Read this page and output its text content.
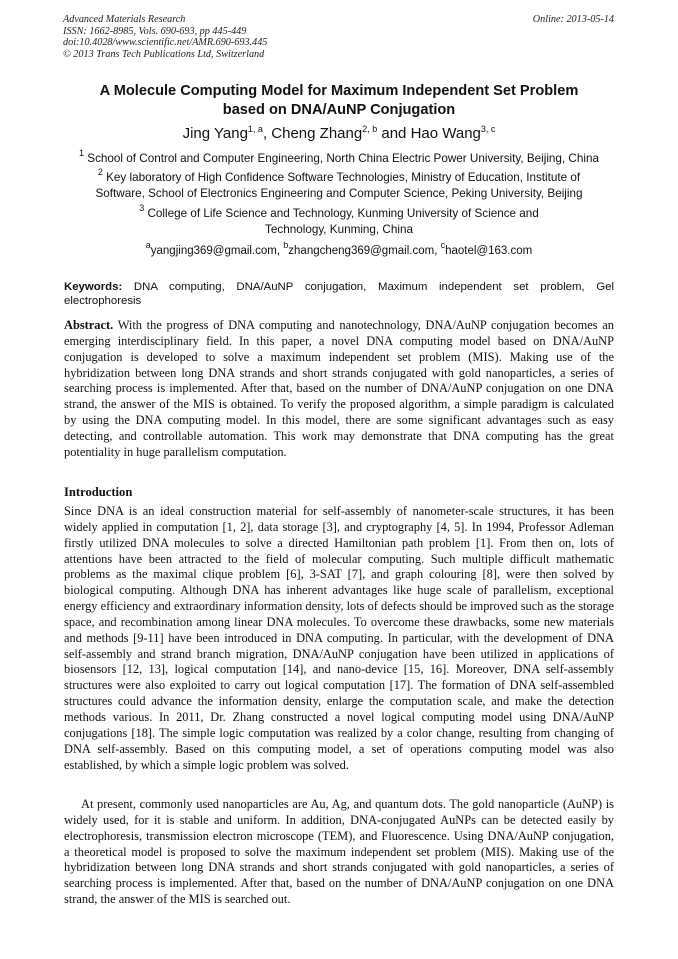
Advanced Materials Research
ISSN: 1662-8985, Vols. 690-693, pp 445-449
doi:10.4028/www.scientific.net/AMR.690-693.445
© 2013 Trans Tech Publications Ltd, Switzerland
Online: 2013-05-14
A Molecule Computing Model for Maximum Independent Set Problem
based on DNA/AuNP Conjugation
Jing Yang$^{1, a}$, Cheng Zhang$^{2, b}$ and Hao Wang$^{3, c}$
$^1$ School of Control and Computer Engineering, North China Electric Power University, Beijing, China
$^2$ Key laboratory of High Confidence Software Technologies, Ministry of Education, Institute of
Software, School of Electronics Engineering and Computer Science, Peking University, Beijing
$^3$ College of Life Science and Technology, Kunming University of Science and
Technology, Kunming, China
$^a$yangjing369@gmail.com, $^b$zhangcheng369@gmail.com, $^c$haotel@163.com
Keywords: DNA computing, DNA/AuNP conjugation, Maximum independent set problem, Gel electrophoresis

Abstract. With the progress of DNA computing and nanotechnology, DNA/AuNP conjugation becomes an emerging interdisciplinary field. In this paper, a novel DNA computing model based on DNA/AuNP conjugation is developed to solve a maximum independent set problem (MIS). Making use of the hybridization between long DNA strands and short strands conjugated with gold nanoparticles, a series of searching process is implemented. After that, based on the number of DNA/AuNP conjugation on one DNA strand, the answer of the MIS is obtained. To verify the proposed algorithm, a simple paradigm is calculated by using the DNA computing model. In this model, there are some significant advantages such as easy detecting, and controllable automation. This work may demonstrate that DNA computing has the great potentiality in huge parallelism computation.

Introduction

Since DNA is an ideal construction material for self-assembly of nanometer-scale structures, it has been widely applied in computation [1, 2], data storage [3], and cryptography [4, 5]. In 1994, Professor Adleman firstly utilized DNA molecules to solve a directed Hamiltonian path problem [1]. From then on, lots of attentions have been attracted to the field of molecular computing. Such multiple difficult mathematic problems as the maximal clique problem [6], 3-SAT [7], and graph colouring [8], were then solved by biological computing. Although DNA has inherent advantages like huge scale of parallelism, exceptional energy efficiency and extraordinary information density, lots of defects should be improved such as the storage space, and recombination among linear DNA molecules. To overcome these drawbacks, some new materials and methods [9-11] have been introduced in DNA computing. In particular, with the development of DNA self-assembly and strand branch migration, DNA/AuNP conjugation have been utilized in applications of biosensors [12, 13], logical computation [14], and nano-device [15, 16]. Moreover, DNA self-assembly structures were also exploited to carry out logical computation [17]. The formation of DNA self-assembled structures could advance the information density, enlarge the computation scale, and make the detection methods various. In 2011, Dr. Zhang constructed a novel logical computing model using DNA/AuNP conjugations [18]. The simple logic computation was realized by a color change, resulting from changing of DNA self-assembly. Based on this computing model, a set of operations computing model was also established, by which a simple logic problem was solved.

At present, commonly used nanoparticles are Au, Ag, and quantum dots. The gold nanoparticle (AuNP) is widely used, for it is stable and uniform. In addition, DNA-conjugated AuNPs can be detected easily by electrophoresis, transmission electron microscope (TEM), and Fluorescence. Using DNA/AuNP conjugation, a theoretical model is proposed to solve the maximum independent set problem (MIS). Making use of the hybridization between long DNA strands and short strands conjugated with gold nanoparticles, a series of searching process is implemented. After that, based on the number of DNA/AuNP conjugation on one DNA strand, the answer of the MIS is searched out.
